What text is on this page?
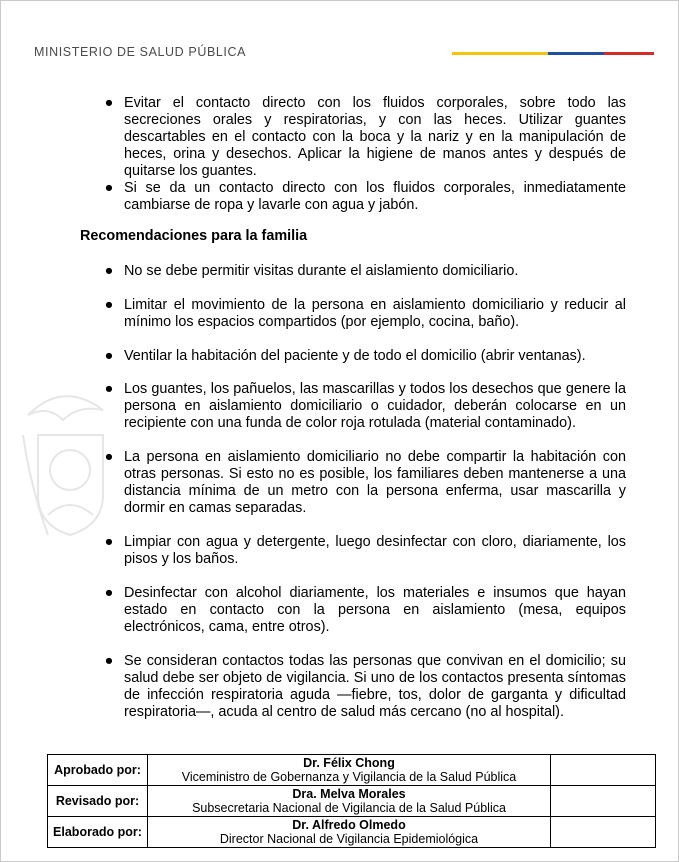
MINISTERIO DE SALUD PÚBLICA
● Evitar el contacto directo con los fluidos corporales, sobre todo las secreciones orales y respiratorias, y con las heces. Utilizar guantes descartables en el contacto con la boca y la nariz y en la manipulación de heces, orina y desechos. Aplicar la higiene de manos antes y después de quitarse los guantes.
● Si se da un contacto directo con los fluidos corporales, inmediatamente cambiarse de ropa y lavarle con agua y jabón.
● No se debe permitir visitas durante el aislamiento domiciliario.
● Limitar el movimiento de la persona en aislamiento domiciliario y reducir al mínimo los espacios compartidos (por ejemplo, cocina, baño).
● Ventilar la habitación del paciente y de todo el domicilio (abrir ventanas).
● Los guantes, los pañuelos, las mascarillas y todos los desechos que genere la persona en aislamiento domiciliario o cuidador, deberán colocarse en un recipiente con una funda de color roja rotulada (material contaminado).
● La persona en aislamiento domiciliario no debe compartir la habitación con otras personas. Si esto no es posible, los familiares deben mantenerse a una distancia mínima de un metro con la persona enferma, usar mascarilla y dormir en camas separadas.
● Limpiar con agua y detergente, luego desinfectar con cloro, diariamente, los pisos y los baños.
● Desinfectar con alcohol diariamente, los materiales e insumos que hayan estado en contacto con la persona en aislamiento (mesa, equipos electrónicos, cama, entre otros).
● Se consideran contactos todas las personas que convivan en el domicilio; su salud debe ser objeto de vigilancia. Si uno de los contactos presenta síntomas de infección respiratoria aguda —fiebre, tos, dolor de garganta y dificultad respiratoria—, acuda al centro de salud más cercano (no al hospital).
Recomendaciones para la familia
Aprobado por:	Dr. Félix Chong
Viceministro de Gobernanza y Vigilancia de la Salud Pública	

Revisado por:	Dra. Melva Morales
Subsecretaria Nacional de Vigilancia de la Salud Pública	

Elaborado por:	Dr. Alfredo Olmedo
Director Nacional de Vigilancia Epidemiológica	
